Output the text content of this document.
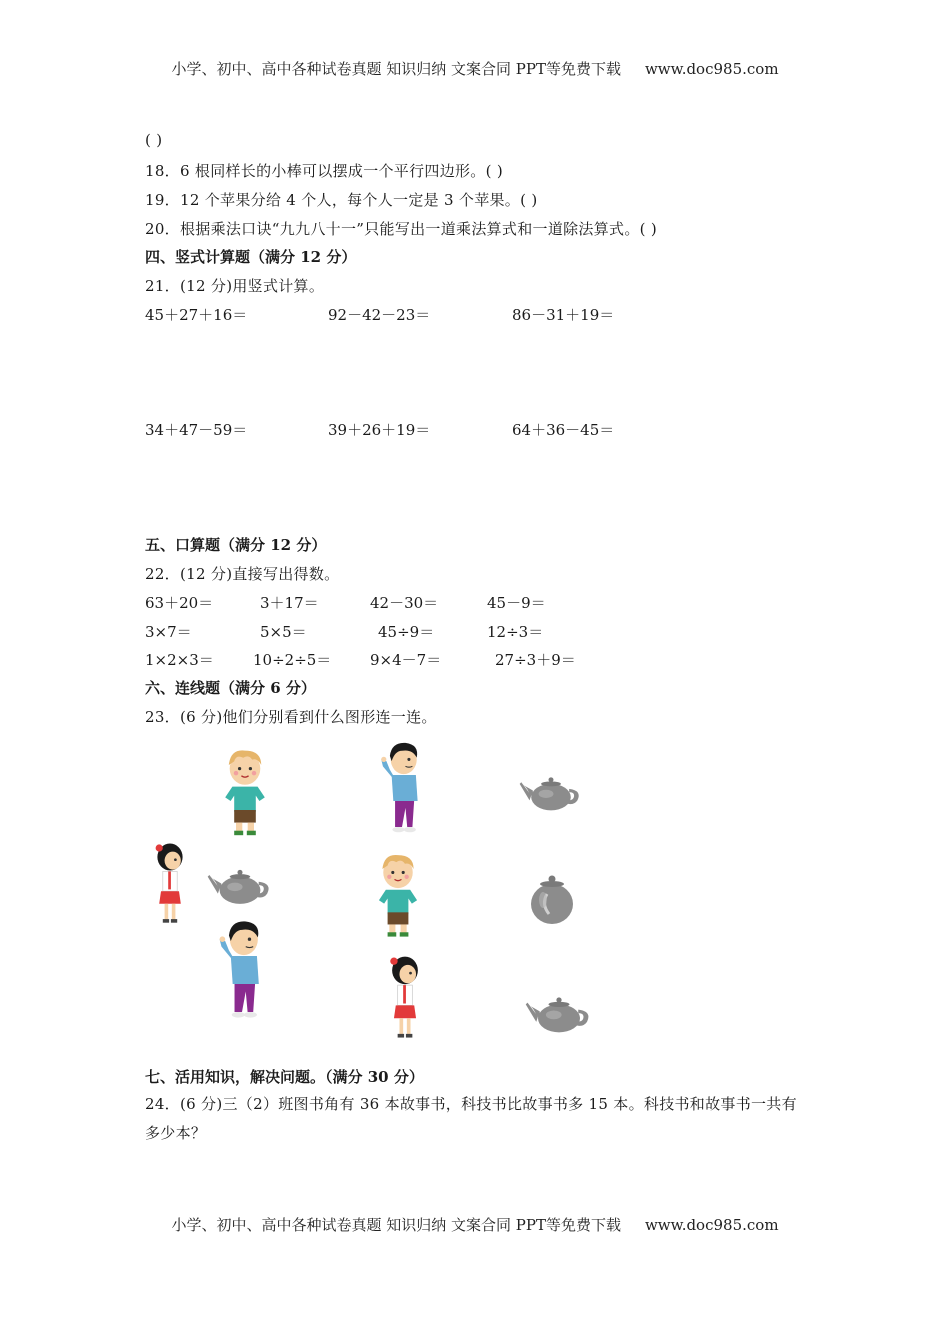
小学、初中、高中各种试卷真题 知识归纳 文案合同 PPT等免费下载 www.doc985.com
( )
18．6 根同样长的小棒可以摆成一个平行四边形。( )
19．12 个苹果分给 4 个人，每个人一定是 3 个苹果。( )
20．根据乘法口诀“九九八十一”只能写出一道乘法算式和一道除法算式。( )
四、竖式计算题（满分 12 分）
21．(12 分)用竖式计算。
45＋27＋16＝	92－42－23＝	86－31＋19＝
34＋47－59＝	39＋26＋19＝	64＋36－45＝
五、口算题（满分 12 分）
22．(12 分)直接写出得数。
63＋20＝	3＋17＝	42－30＝	45－9＝
3×7＝	5×5＝	45÷9＝	12÷3＝
1×2×3＝	10÷2÷5＝	9×4－7＝	27÷3＋9＝
六、连线题（满分 6 分）
23．(6 分)他们分别看到什么图形连一连。
七、活用知识，解决问题。（满分 30 分）
24．(6 分)三（2）班图书角有 36 本故事书，科技书比故事书多 15 本。科技书和故事书一共有多少本？
小学、初中、高中各种试卷真题 知识归纳 文案合同 PPT等免费下载 www.doc985.com
